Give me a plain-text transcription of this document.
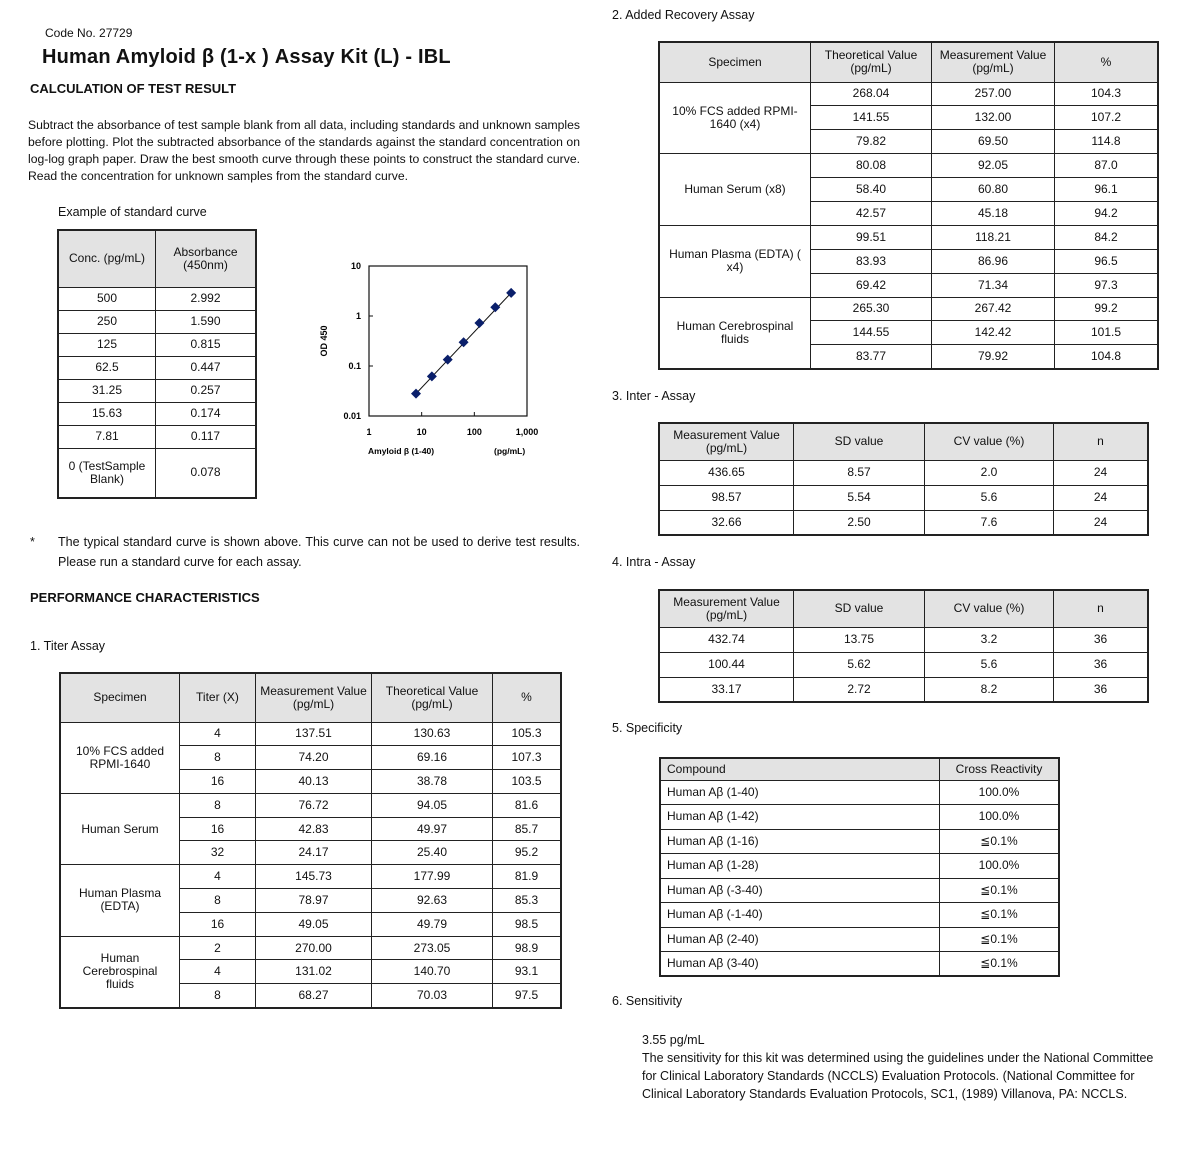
Code No. 27729
Human Amyloid β (1-x ) Assay Kit (L) - IBL
CALCULATION OF TEST RESULT
Subtract the absorbance of test sample blank from all data, including standards and unknown samples before plotting. Plot the subtracted absorbance of the standards against the standard concentration on log-log graph paper. Draw the best smooth curve through these points to construct the standard curve. Read the concentration for unknown samples from the standard curve.
Example of standard curve
Conc. (pg/mL)	Absorbance (450nm)
500	2.992
250	1.590
125	0.815
62.5	0.447
31.25	0.257
15.63	0.174
7.81	0.117
0 (TestSample Blank)	0.078
0.01
0.1
1
10
1	10	100	1,000
OD 450
Amyloid β (1-40)	(pg/mL)
* The typical standard curve is shown above. This curve can not be used to derive test results. Please run a standard curve for each assay.
PERFORMANCE CHARACTERISTICS
1. Titer Assay
Specimen	Titer (X)	Measurement Value (pg/mL)	Theoretical Value (pg/mL)	%
10% FCS added RPMI-1640	4	137.51	130.63	105.3
	8	74.20	69.16	107.3
	16	40.13	38.78	103.5
Human Serum	8	76.72	94.05	81.6
	16	42.83	49.97	85.7
	32	24.17	25.40	95.2
Human Plasma (EDTA)	4	145.73	177.99	81.9
	8	78.97	92.63	85.3
	16	49.05	49.79	98.5
Human Cerebrospinal fluids	2	270.00	273.05	98.9
	4	131.02	140.70	93.1
	8	68.27	70.03	97.5
2. Added Recovery Assay
Specimen	Theoretical Value (pg/mL)	Measurement Value (pg/mL)	%
10% FCS added RPMI-1640 (x4)	268.04	257.00	104.3
	141.55	132.00	107.2
	79.82	69.50	114.8
Human Serum (x8)	80.08	92.05	87.0
	58.40	60.80	96.1
	42.57	45.18	94.2
Human Plasma (EDTA) ( x4)	99.51	118.21	84.2
	83.93	86.96	96.5
	69.42	71.34	97.3
Human Cerebrospinal fluids	265.30	267.42	99.2
	144.55	142.42	101.5
	83.77	79.92	104.8
3. Inter - Assay
Measurement Value (pg/mL)	SD value	CV value (%)	n
436.65	8.57	2.0	24
98.57	5.54	5.6	24
32.66	2.50	7.6	24
4. Intra - Assay
Measurement Value (pg/mL)	SD value	CV value (%)	n
432.74	13.75	3.2	36
100.44	5.62	5.6	36
33.17	2.72	8.2	36
5. Specificity
Compound	Cross Reactivity
Human Aβ (1-40)	100.0%
Human Aβ (1-42)	100.0%
Human Aβ (1-16)	≦0.1%
Human Aβ (1-28)	100.0%
Human Aβ (-3-40)	≦0.1%
Human Aβ (-1-40)	≦0.1%
Human Aβ (2-40)	≦0.1%
Human Aβ (3-40)	≦0.1%
6. Sensitivity
3.55 pg/mL
The sensitivity for this kit was determined using the guidelines under the National Committee for Clinical Laboratory Standards (NCCLS) Evaluation Protocols. (National Committee for Clinical Laboratory Standards Evaluation Protocols, SC1, (1989) Villanova, PA: NCCLS.
